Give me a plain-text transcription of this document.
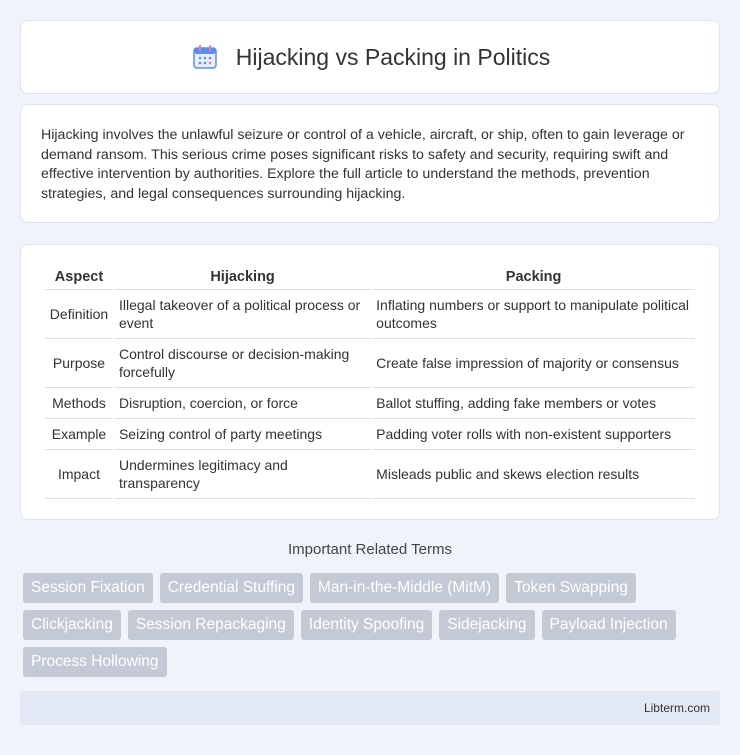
Hijacking vs Packing in Politics

Hijacking involves the unlawful seizure or control of a vehicle, aircraft, or ship, often to gain leverage or demand ransom. This serious crime poses significant risks to safety and security, requiring swift and effective intervention by authorities. Explore the full article to understand the methods, prevention strategies, and legal consequences surrounding hijacking.

Aspect	Hijacking	Packing
Definition	Illegal takeover of a political process or event	Inflating numbers or support to manipulate political outcomes
Purpose	Control discourse or decision-making forcefully	Create false impression of majority or consensus
Methods	Disruption, coercion, or force	Ballot stuffing, adding fake members or votes
Example	Seizing control of party meetings	Padding voter rolls with non-existent supporters
Impact	Undermines legitimacy and transparency	Misleads public and skews election results
Important Related Terms
Session Fixation	Credential Stuffing	Man-in-the-Middle (MitM)	Token Swapping
Clickjacking	Session Repackaging	Identity Spoofing	Sidejacking	Payload Injection
Process Hollowing
Libterm.com
